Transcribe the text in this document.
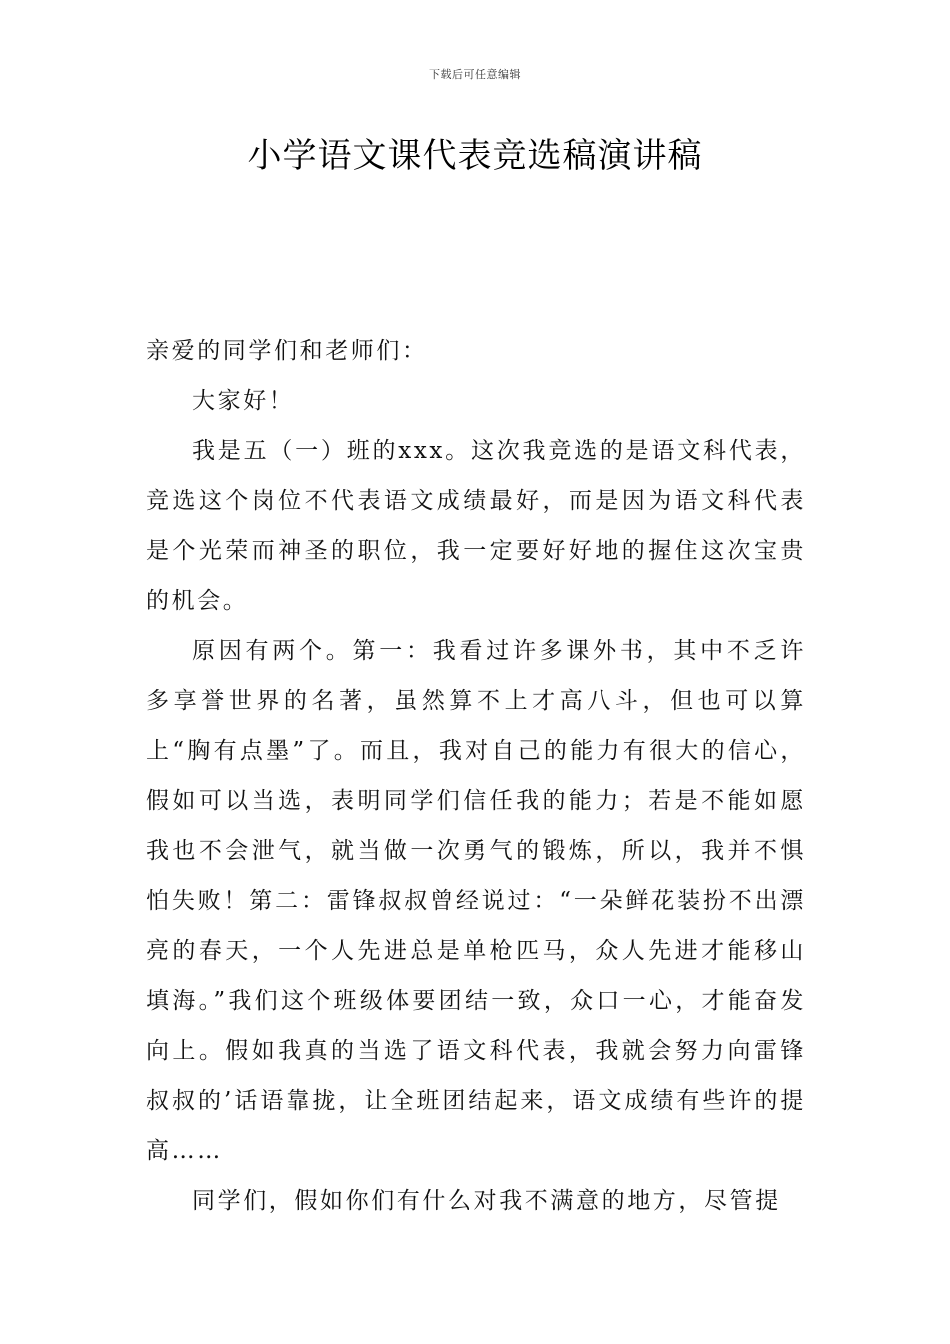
下载后可任意编辑
小学语文课代表竞选稿演讲稿

亲爱的同学们和老师们：

大家好！

我是五（一）班的xxx。这次我竞选的是语文科代表，竞选这个岗位不代表语文成绩最好，而是因为语文科代表是个光荣而神圣的职位，我一定要好好地的握住这次宝贵的机会。

原因有两个。第一：我看过许多课外书，其中不乏许多享誉世界的名著，虽然算不上才高八斗，但也可以算上“胸有点墨”了。而且，我对自己的能力有很大的信心，假如可以当选，表明同学们信任我的能力；若是不能如愿我也不会泄气，就当做一次勇气的锻炼，所以，我并不惧怕失败！第二：雷锋叔叔曾经说过：“一朵鲜花装扮不出漂亮的春天，一个人先进总是单枪匹马，众人先进才能移山填海。”我们这个班级体要团结一致，众口一心，才能奋发向上。假如我真的当选了语文科代表，我就会努力向雷锋叔叔的’话语靠拢，让全班团结起来，语文成绩有些许的提高……

同学们，假如你们有什么对我不满意的地方，尽管提
